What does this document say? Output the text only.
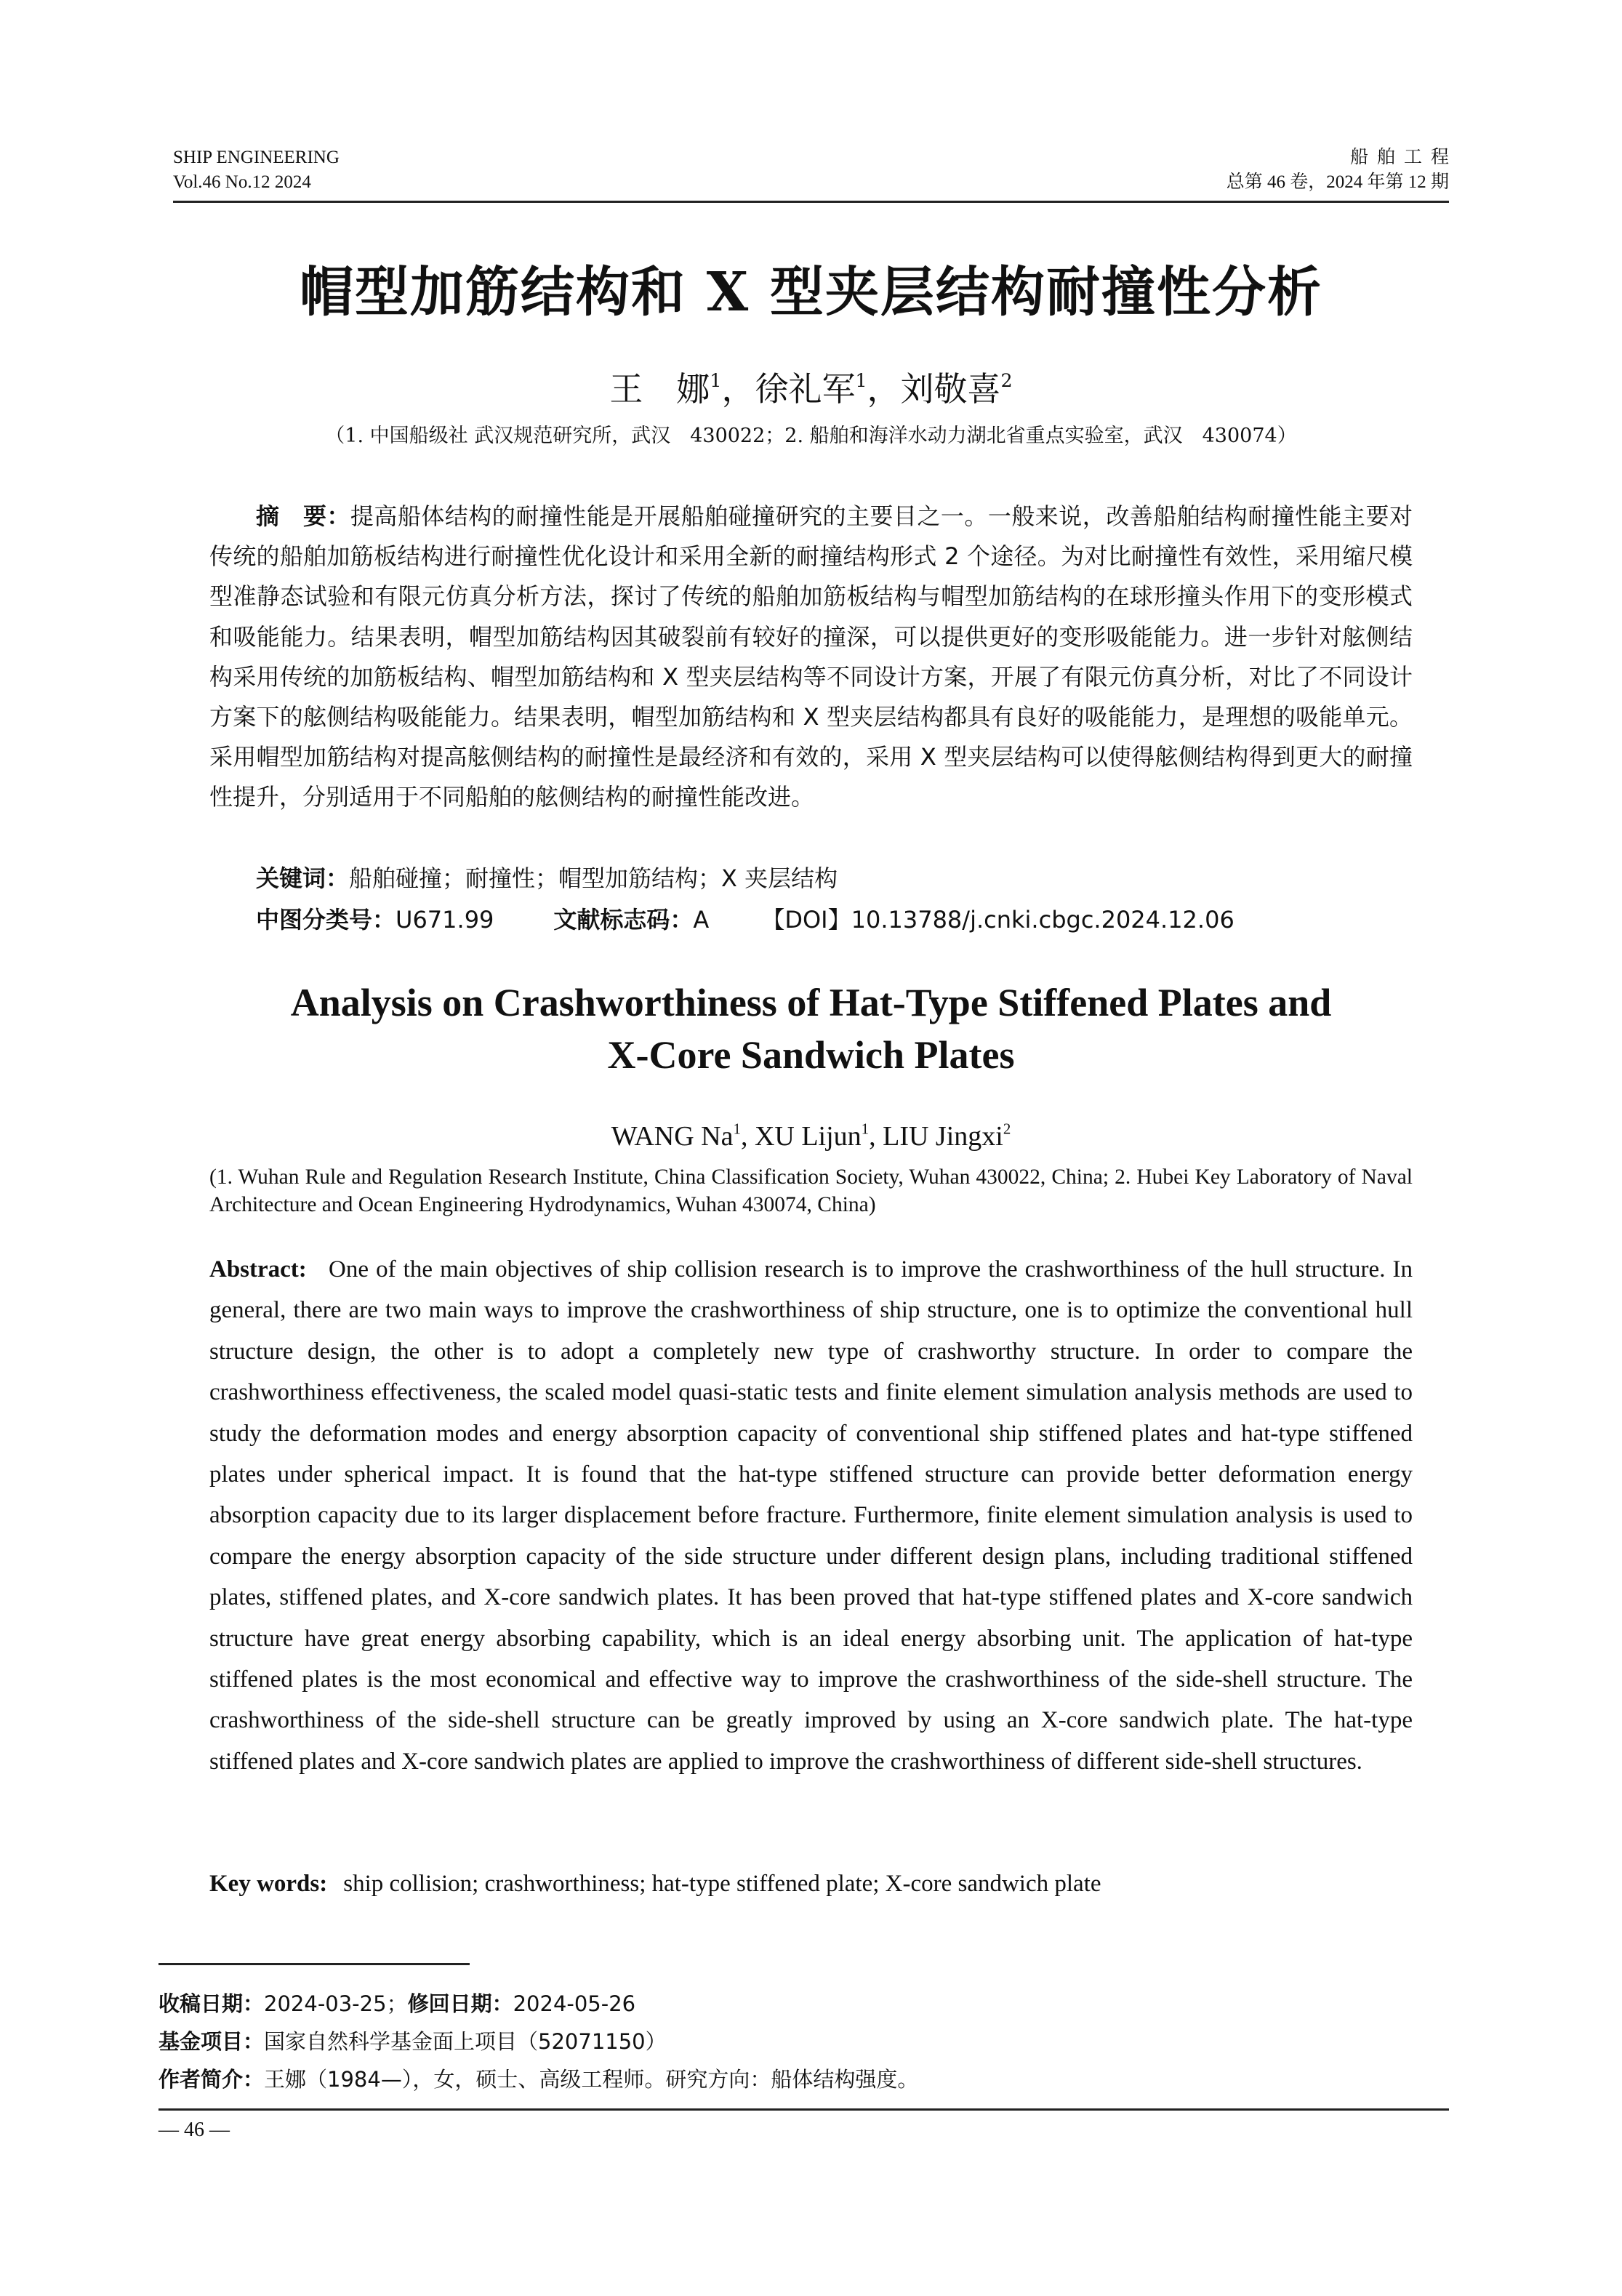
SHIP ENGINEERING
Vol.46 No.12 2024
船舶工程
总第 46 卷，2024 年第 12 期
帽型加筋结构和 X 型夹层结构耐撞性分析
王　娜$^1$，徐礼军$^1$，刘敬喜$^2$
（1. 中国船级社 武汉规范研究所，武汉　430022；2. 船舶和海洋水动力湖北省重点实验室，武汉　430074）
摘　要：提高船体结构的耐撞性能是开展船舶碰撞研究的主要目之一。一般来说，改善船舶结构耐撞性能主要对传统的船舶加筋板结构进行耐撞性优化设计和采用全新的耐撞结构形式 2 个途径。为对比耐撞性有效性，采用缩尺模型准静态试验和有限元仿真分析方法，探讨了传统的船舶加筋板结构与帽型加筋结构的在球形撞头作用下的变形模式和吸能能力。结果表明，帽型加筋结构因其破裂前有较好的撞深，可以提供更好的变形吸能能力。进一步针对舷侧结构采用传统的加筋板结构、帽型加筋结构和 X 型夹层结构等不同设计方案，开展了有限元仿真分析，对比了不同设计方案下的舷侧结构吸能能力。结果表明，帽型加筋结构和 X 型夹层结构都具有良好的吸能能力，是理想的吸能单元。采用帽型加筋结构对提高舷侧结构的耐撞性是最经济和有效的，采用 X 型夹层结构可以使得舷侧结构得到更大的耐撞性提升，分别适用于不同船舶的舷侧结构的耐撞性能改进。
关键词：船舶碰撞；耐撞性；帽型加筋结构；X 夹层结构
中图分类号：U671.99	文献标志码：A 【DOI】10.13788/j.cnki.cbgc.2024.12.06
Analysis on Crashworthiness of Hat-Type Stiffened Plates and
X-Core Sandwich Plates
WANG Na$^1$, XU Lijun$^1$, LIU Jingxi$^2$
(1. Wuhan Rule and Regulation Research Institute, China Classification Society, Wuhan 430022, China; 2. Hubei Key Laboratory of Naval Architecture and Ocean Engineering Hydrodynamics, Wuhan 430074, China)
Abstract: One of the main objectives of ship collision research is to improve the crashworthiness of the hull structure. In general, there are two main ways to improve the crashworthiness of ship structure, one is to optimize the conventional hull structure design, the other is to adopt a completely new type of crashworthy structure. In order to compare the crashworthiness effectiveness, the scaled model quasi-static tests and finite element simulation analysis methods are used to study the deformation modes and energy absorption capacity of conventional ship stiffened plates and hat-type stiffened plates under spherical impact. It is found that the hat-type stiffened structure can provide better deformation energy absorption capacity due to its larger displacement before fracture. Furthermore, finite element simulation analysis is used to compare the energy absorption capacity of the side structure under different design plans, including traditional stiffened plates, stiffened plates, and X-core sandwich plates. It has been proved that hat-type stiffened plates and X-core sandwich structure have great energy absorbing capability, which is an ideal energy absorbing unit. The application of hat-type stiffened plates is the most economical and effective way to improve the crashworthiness of the side-shell structure. The crashworthiness of the side-shell structure can be greatly improved by using an X-core sandwich plate. The hat-type stiffened plates and X-core sandwich plates are applied to improve the crashworthiness of different side-shell structures.
Key words: ship collision; crashworthiness; hat-type stiffened plate; X-core sandwich plate
收稿日期：2024-03-25；修回日期：2024-05-26
基金项目：国家自然科学基金面上项目（52071150）
作者简介：王娜（1984—），女，硕士、高级工程师。研究方向：船体结构强度。
— 46 —
